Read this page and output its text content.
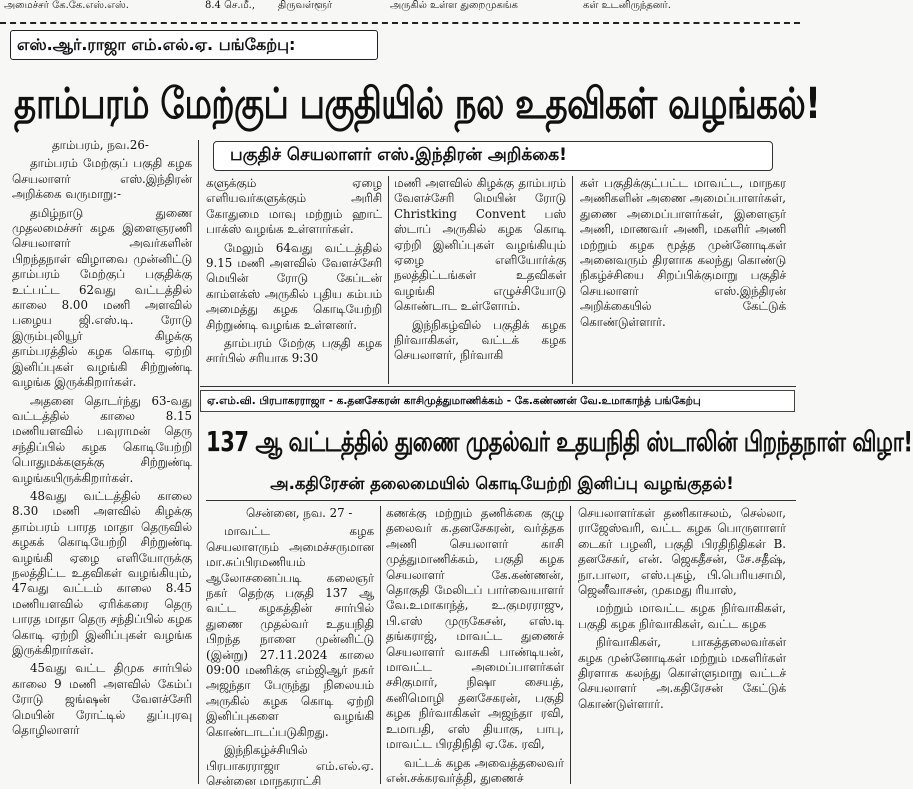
அமைச்சர் கே.கே.எஸ்.எஸ்.	8.4 செ.மீ., திருவள்ளூர்	அருகில் உள்ள துறைமுகங்க	கள் உடனிருந்தனர்.
எஸ்.ஆர்.ராஜா எம்.எல்.ஏ. பங்கேற்பு:
தாம்பரம் மேற்குப் பகுதியில் நல உதவிகள் வழங்கல்!
பகுதிச் செயலாளர் எஸ்.இந்திரன் அறிக்கை!

தாம்பரம், நவ.26-

தாம்பரம் மேற்குப் பகுதி கழக செயலாளர் எஸ்.இந்திரன் அறிக்கை வருமாறு:-

தமிழ்நாடு துணை முதலமைச்சர் கழக இளைஞரணி செயலாளர் அவர்களின் பிறந்தநாள் விழாவை முன்னிட்டு தாம்பரம் மேற்குப் பகுதிக்கு உட்பட்ட 62வது வட்டத்தில் காலை 8.00 மணி அளவில் பழைய ஜி.எஸ்.டி. ரோடு இரும்புலியூர் கிழக்கு தாம்பரத்தில் கழக கொடி ஏற்றி இனிப்புகள் வழங்கி சிற்றுண்டி வழங்க இருக்கிறார்கள்.

அதனை தொடர்ந்து 63-வது வட்டத்தில் காலை 8.15 மணியளவில் பவுராமன் தெரு சந்திப்பில் கழக கொடியேற்றி பொதுமக்களுக்கு சிற்றுண்டி வழங்கயிருக்கிறார்கள்.

48வது வட்டத்தில் காலை 8.30 மணி அளவில் கிழக்கு தாம்பரம் பாரத மாதா தெருவில் கழகக் கொடியேற்றி சிற்றுண்டி வழங்கி ஏழை எளியோருக்கு நலத்திட்ட உதவிகள் வழங்கியும், 47வது வட்டம் காலை 8.45 மணியளவில் ஏரிக்கரை தெரு பாரத மாதா தெரு சந்திப்பில் கழக கொடி ஏற்றி இனிப்புகள் வழங்க இருக்கிறார்கள்.

45வது வட்ட திமுக சார்பில் காலை 9 மணி அளவில் கேம்ப் ரோடு ஜங்ஷன் வேளச்சேரி மெயின் ரோட்டில் துப்புரவு தொழிலாளர்

களுக்கும் ஏழை எளியவர்களுக்கும் அரிசி கோதுமை மாவு மற்றும் ஹாட் பாக்ஸ் வழங்க உள்ளார்கள்.

மேலும் 64வது வட்டத்தில் 9.15 மணி அளவில் வேளச்சேரி மெயின் ரோடு கேப்டன் காம்ளக்ஸ் அருகில் புதிய கம்பம் அமைத்து கழக கொடியேற்றி சிற்றுண்டி வழங்க உள்ளனர்.

தாம்பரம் மேற்கு பகுதி கழக சார்பில் சரியாக 9:30

மணி அளவில் கிழக்கு தாம்பரம் வேளச்சேரி மெயின் ரோடு Christking Convent பஸ் ஸ்டாப் அருகில் கழக கொடி ஏற்றி இனிப்புகள் வழங்கியும் ஏழை எளியோர்க்கு நலத்திட்டங்கள் உதவிகள் வழங்கி எழுச்சியோடு கொண்டாட உள்ளோம்.

இந்நிகழ்வில் பகுதிக் கழக நிர்வாகிகள், வட்டக் கழக செயலாளர், நிர்வாகி

கள் பகுதிக்குட்பட்ட மாவட்ட, மாநகர அணிகளின் அணை அமைப்பாளர்கள், துணை அமைப்பாளர்கள், இளைஞர் அணி, மாணவர் அணி, மகளிர் அணி மற்றும் கழக மூத்த முன்னோடிகள் அனைவரும் திரளாக கலந்து கொண்டு நிகழ்ச்சியை சிறப்பிக்குமாறு பகுதிச் செயலாளர் எஸ்.இந்திரன் அறிக்கையில் கேட்டுக் கொண்டுள்ளார்.

ஏ.எம்.வி. பிரபாகரராஜா - க.தனசேகரன் காசிமுத்துமாணிக்கம் - கே.கண்ணன் வே.உமாகாந்த் பங்கேற்பு
137 ஆ வட்டத்தில் துணை முதல்வர் உதயநிதி ஸ்டாலின் பிறந்தநாள் விழா!
அ.கதிரேசன் தலைமையில் கொடியேற்றி இனிப்பு வழங்குதல்!

சென்னை, நவ. 27 -

மாவட்ட கழக செயலாளரும் அமைச்சருமான மா.சுப்பிரமணியம் ஆலோசனைப்படி கலைஞர் நகர் தெற்கு பகுதி 137 ஆ வட்ட கழகத்தின் சார்பில் துணை முதல்வர் உதயநிதி பிறந்த நாளை முன்னிட்டு (இன்று) 27.11.2024 காலை 09:00 மணிக்கு எம்ஜிஆர் நகர் அஜந்தா பேருந்து நிலையம் அருகில் கழக கொடி ஏற்றி இனிப்புகளை வழங்கி கொண்டாடப்படுகிறது.

இந்நிகழ்ச்சியில் பிரபாகரராஜா எம்.எல்.ஏ. சென்னை மாநகராட்சி

கணக்கு மற்றும் தணிக்கை குழு தலைவர் க.தனசேகரன், வர்த்தக அணி செயலாளர் காசி முத்துமாணிக்கம், பகுதி கழக செயலாளர் கே.கண்ணன், தொகுதி மேலிடப் பார்வையாளர் வே.உமாகாந்த், உ.குமரராஜு, பி.எஸ் முருகேசன், எஸ்.டி தங்கராஜ், மாவட்ட துணைச் செயலாளர் வாசுகி பாண்டியன், மாவட்ட அமைப்பாளர்கள் சசிகுமார், நிஷா சையத், கனிமொழி தனசேகரன், பகுதி கழக நிர்வாகிகள் அஜந்தா ரவி, உமாபதி, எஸ் தியாகு, பாபு, மாவட்ட பிரதிநிதி ஏ.கே. ரவி,

வட்டக் கழக அவைத்தலைவர் என்.சக்கரவர்த்தி, துணைச்

செயலாளர்கள் தணிகாசலம், செல்லா, ராஜேஸ்வரி, வட்ட கழக பொருளாளர் டைகர் பழனி, பகுதி பிரதிநிதிகள் B. தனசேகர், என். ஜெகதீசன், சே.சதீஷ், நா.பாலா, எஸ்.புகழ், பி.பெரியசாமி, ஜெனீவாசன், முகமது ரியாஸ்,

மற்றும் மாவட்ட கழக நிர்வாகிகள், பகுதி கழக நிர்வாகிகள், வட்ட கழக

நிர்வாகிகள், பாகத்தலைவர்கள் கழக முன்னோடிகள் மற்றும் மகளிர்கள் திரளாக கலந்து கொள்ளுமாறு வட்டச் செயலாளர் அ.கதிரேசன் கேட்டுக் கொண்டுள்ளார்.
